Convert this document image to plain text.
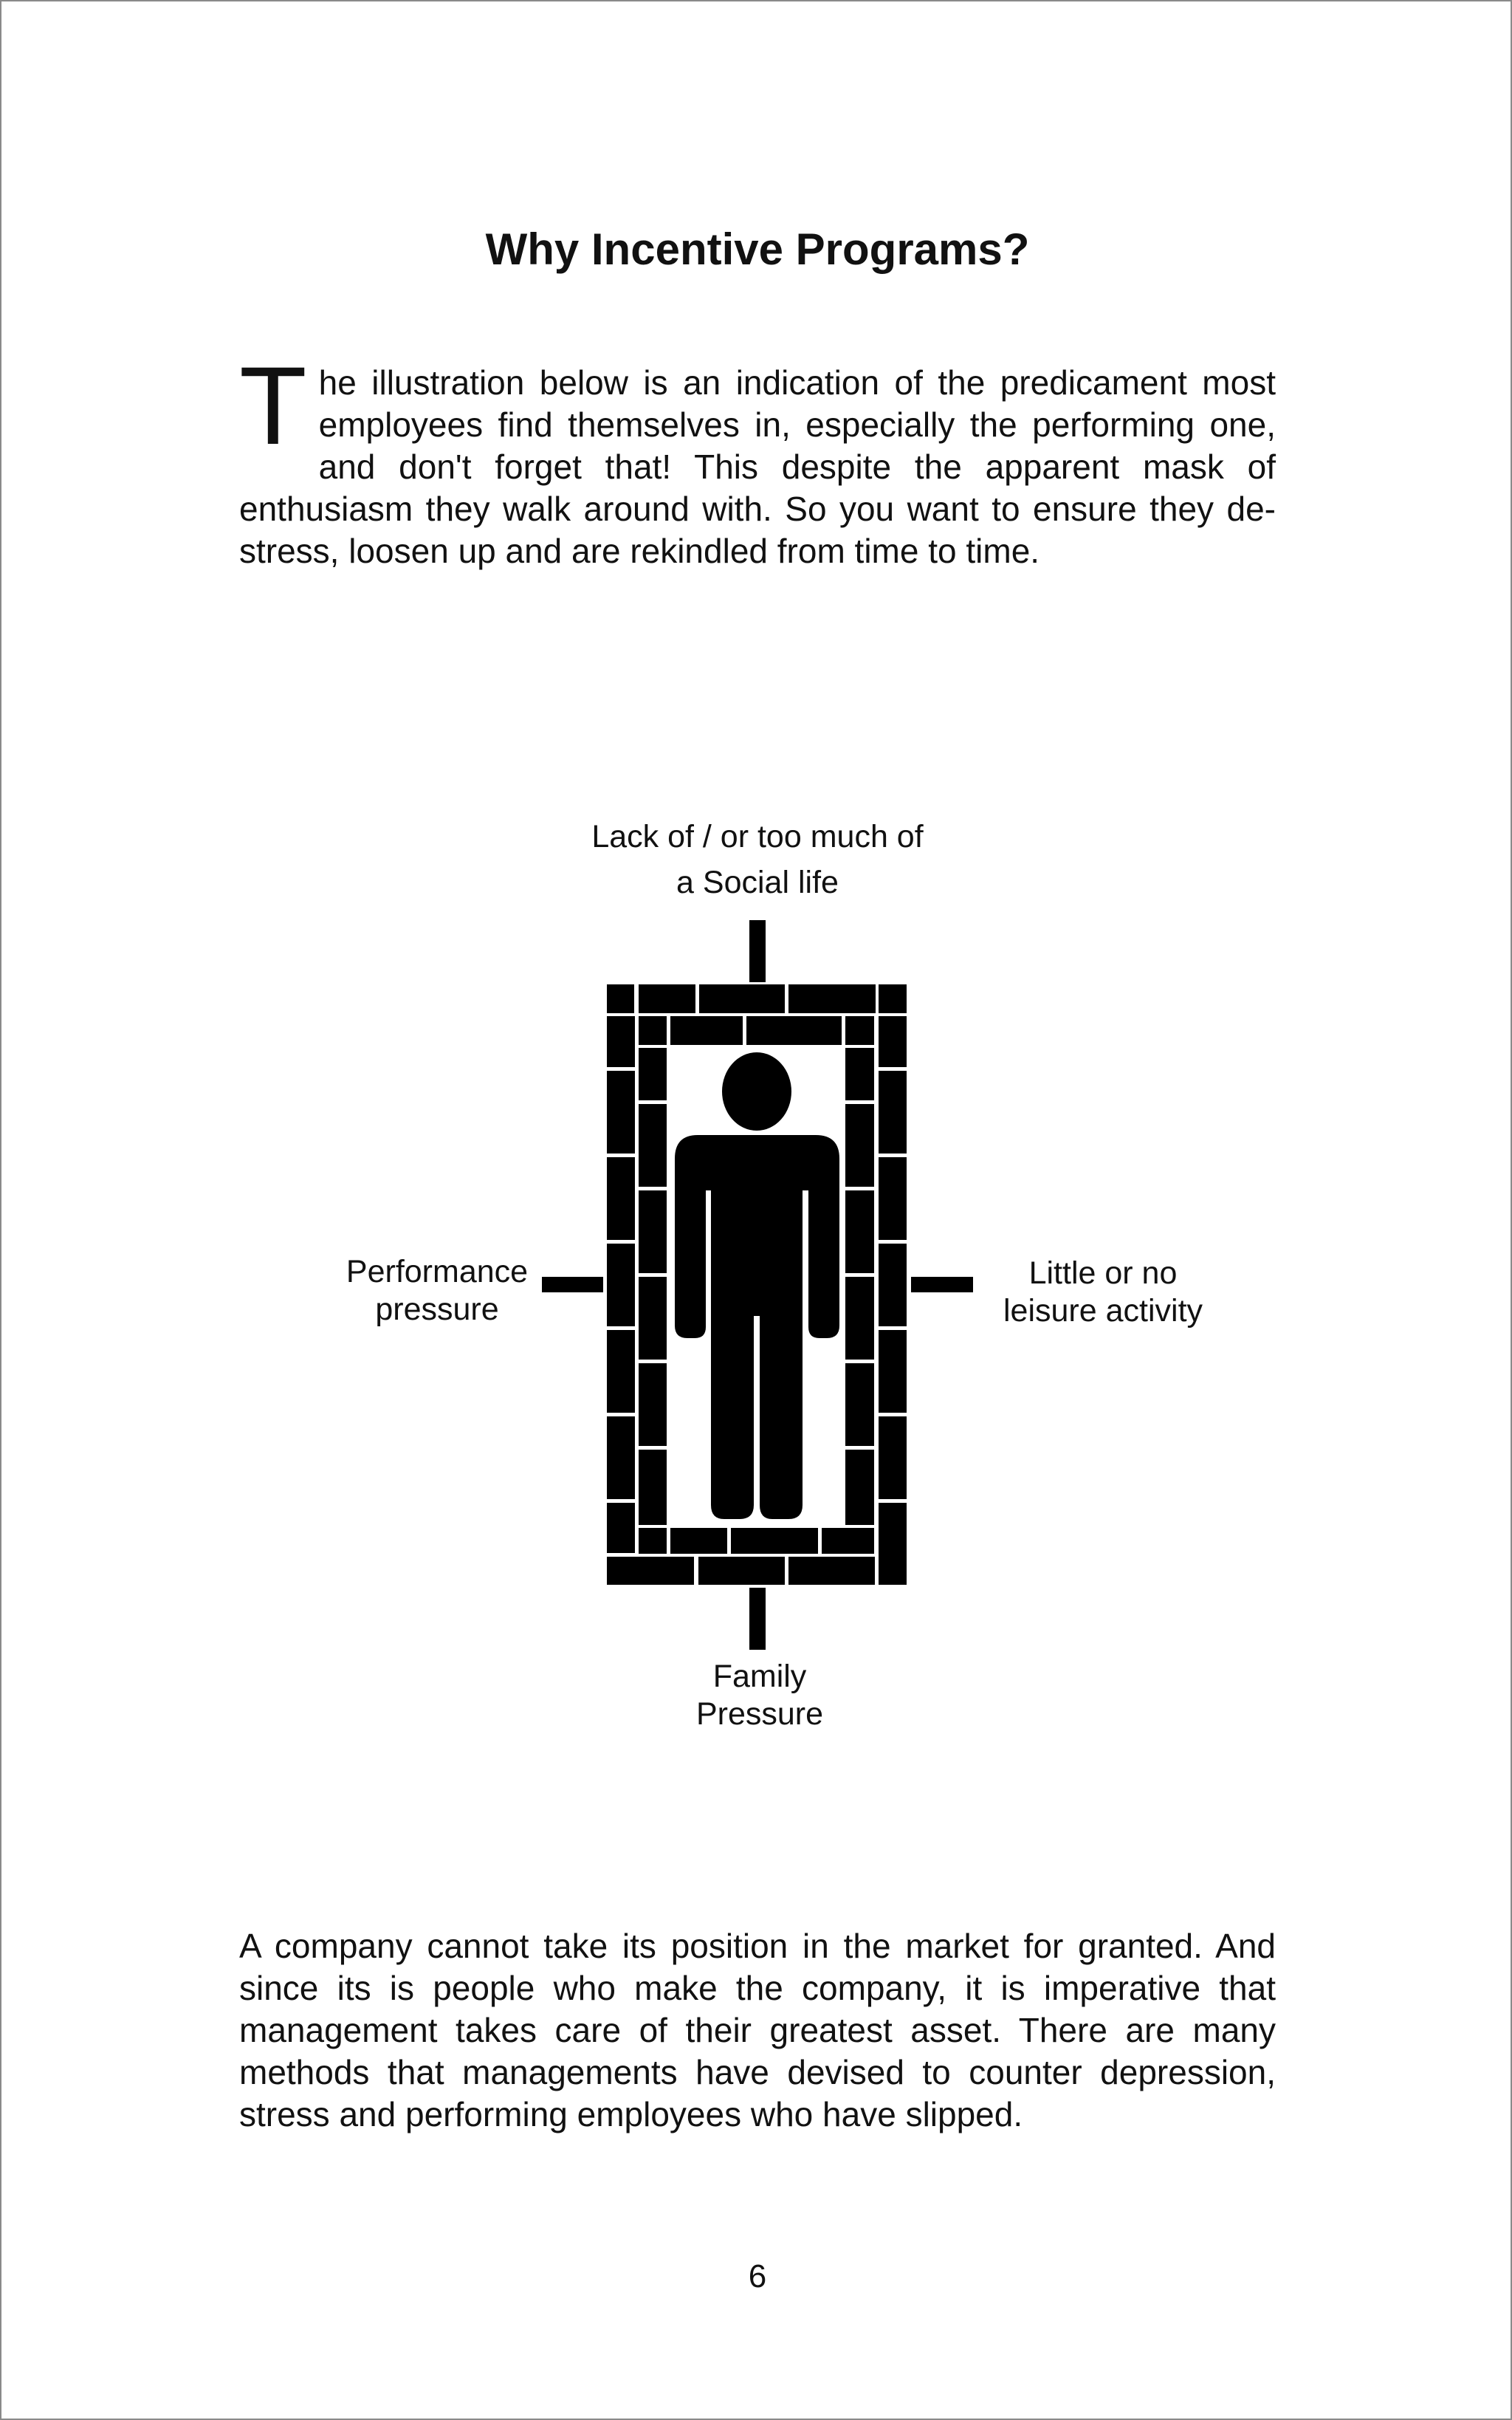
Why Incentive Programs?

The illustration below is an indication of the predicament most employees find themselves in, especially the performing one, and don't forget that! This despite the apparent mask of enthusiasm they walk around with. So you want to ensure they de-stress, loosen up and are rekindled from time to time.

Lack of / or too much of
a Social life
Performance
pressure
Little or no
leisure activity
Family
Pressure

A company cannot take its position in the market for granted. And since its is people who make the company, it is imperative that management takes care of their greatest asset. There are many methods that managements have devised to counter depression, stress and performing employees who have slipped.

6
